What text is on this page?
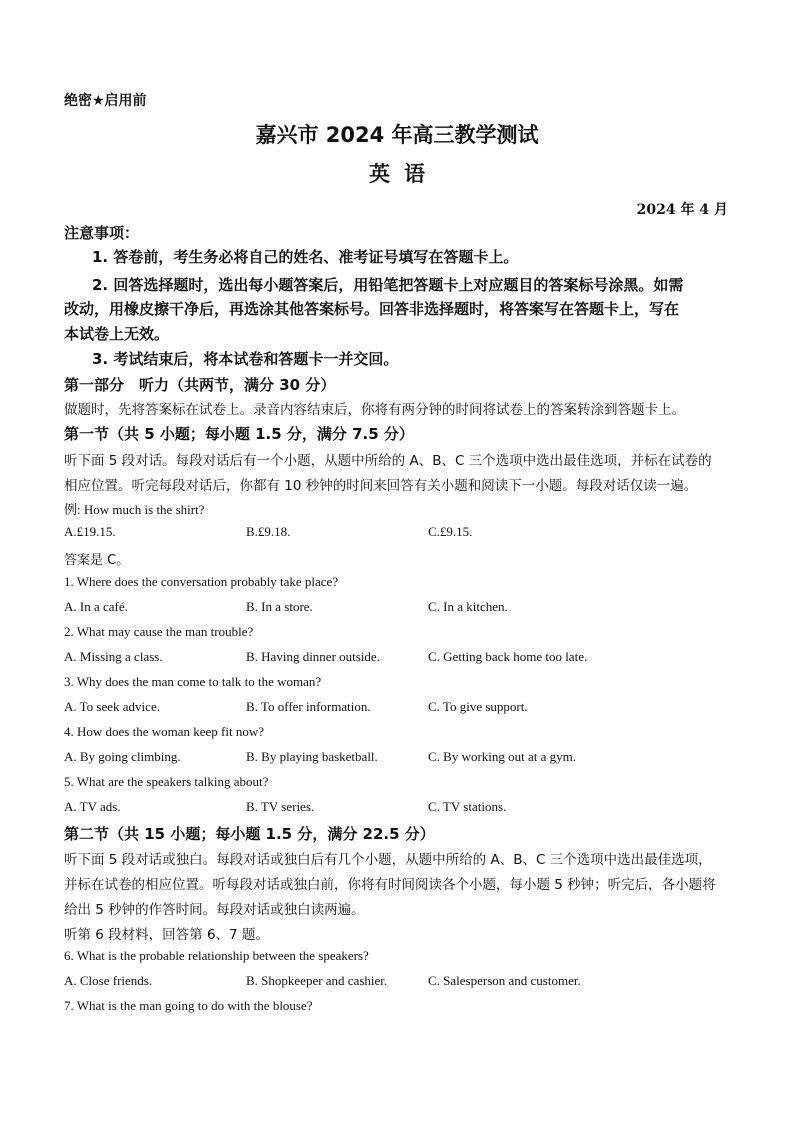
绝密★启用前
嘉兴市 2024 年高三教学测试
英语
2024 年 4 月
注意事项：
1. 答卷前，考生务必将自己的姓名、准考证号填写在答题卡上。
2. 回答选择题时，选出每小题答案后，用铅笔把答题卡上对应题目的答案标号涂黑。如需
改动，用橡皮擦干净后，再选涂其他答案标号。回答非选择题时，将答案写在答题卡上，写在
本试卷上无效。
3. 考试结束后，将本试卷和答题卡一并交回。
第一部分　听力（共两节，满分 30 分）
做题时，先将答案标在试卷上。录音内容结束后，你将有两分钟的时间将试卷上的答案转涂到答题卡上。
第一节（共 5 小题；每小题 1.5 分，满分 7.5 分）
听下面 5 段对话。每段对话后有一个小题，从题中所给的 A、B、C 三个选项中选出最佳选项，并标在试卷的
相应位置。听完每段对话后，你都有 10 秒钟的时间来回答有关小题和阅读下一小题。每段对话仅读一遍。
例: How much is the shirt?
A.£19.15.	B.£9.18.	C.£9.15.
答案是 C。
1. Where does the conversation probably take place?
A. In a café.	B. In a store.	C. In a kitchen.
2. What may cause the man trouble?
A. Missing a class.	B. Having dinner outside.	C. Getting back home too late.
3. Why does the man come to talk to the woman?
A. To seek advice.	B. To offer information.	C. To give support.
4. How does the woman keep fit now?
A. By going climbing.	B. By playing basketball.	C. By working out at a gym.
5. What are the speakers talking about?
A. TV ads.	B. TV series.	C. TV stations.
第二节（共 15 小题；每小题 1.5 分，满分 22.5 分）
听下面 5 段对话或独白。每段对话或独白后有几个小题，从题中所给的 A、B、C 三个选项中选出最佳选项，
并标在试卷的相应位置。听每段对话或独白前，你将有时间阅读各个小题，每小题 5 秒钟；听完后，各小题将
给出 5 秒钟的作答时间。每段对话或独白读两遍。
听第 6 段材料，回答第 6、7 题。
6. What is the probable relationship between the speakers?
A. Close friends.	B. Shopkeeper and cashier.	C. Salesperson and customer.
7. What is the man going to do with the blouse?
